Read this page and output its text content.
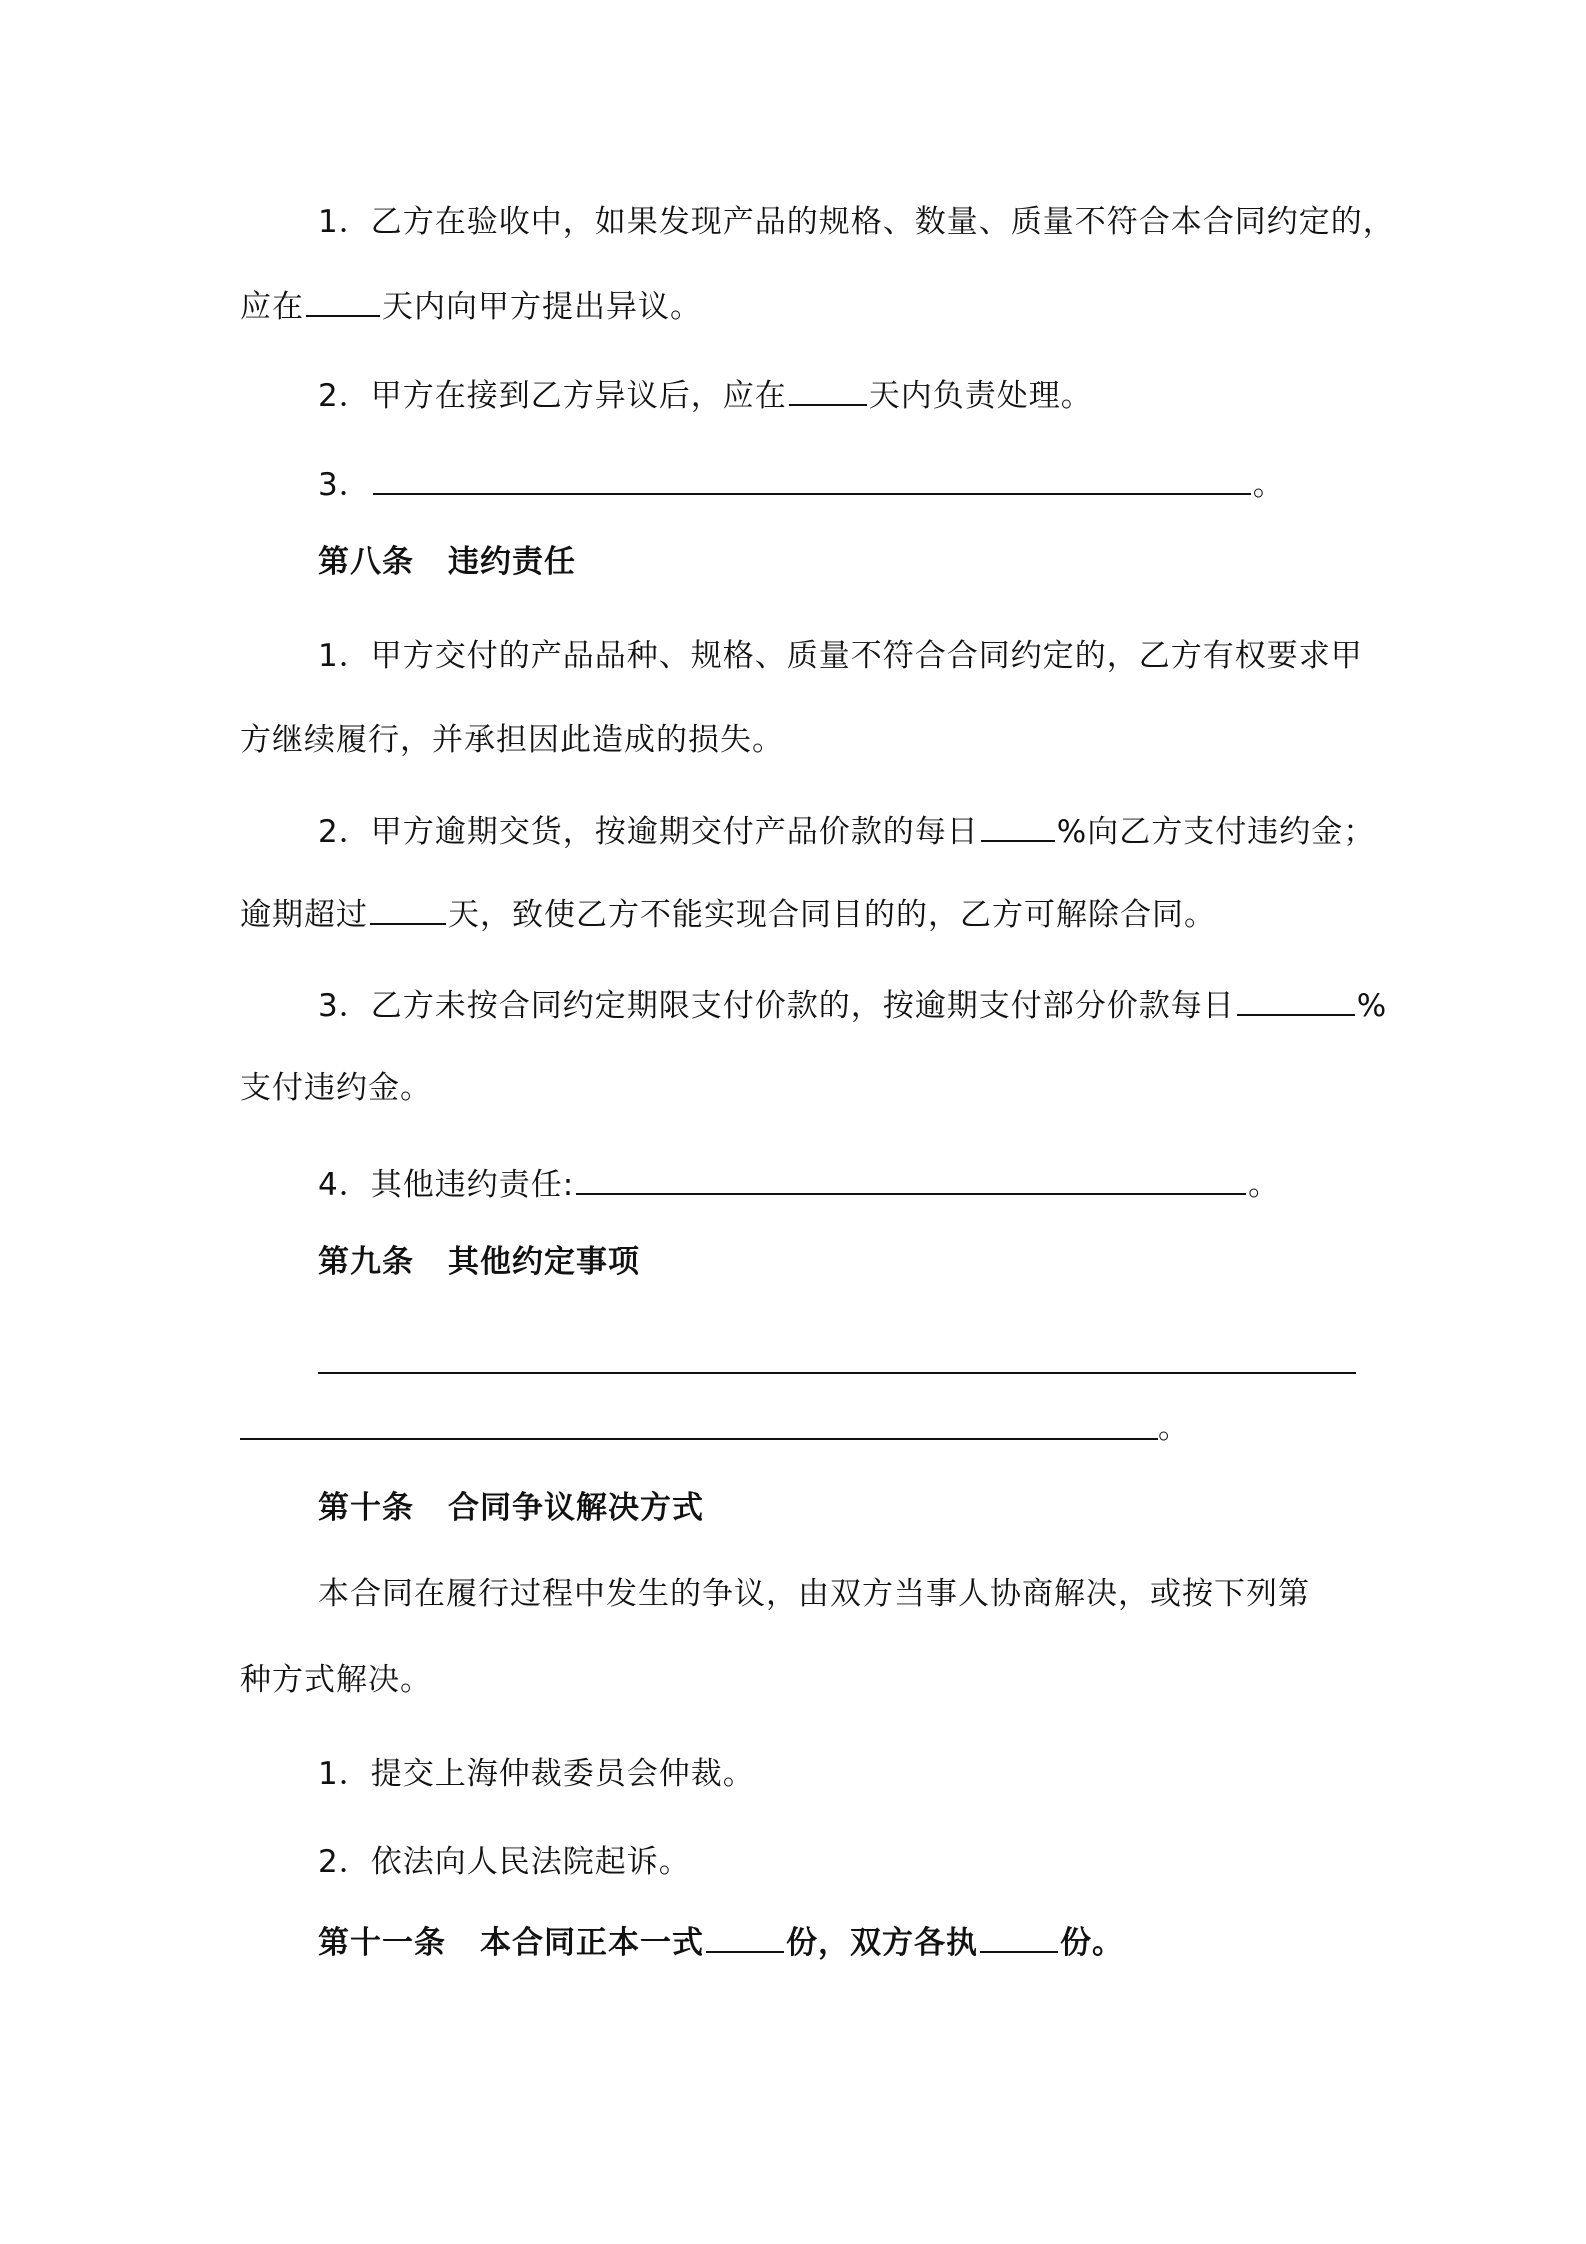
1．乙方在验收中，如果发现产品的规格、数量、质量不符合本合同约定的，
应在	天内向甲方提出异议。
2．甲方在接到乙方异议后，应在	天内负责处理。
3．	。
第八条 违约责任
1．甲方交付的产品品种、规格、质量不符合合同约定的，乙方有权要求甲
方继续履行，并承担因此造成的损失。
2．甲方逾期交货，按逾期交付产品价款的每日	%向乙方支付违约金；
逾期超过	天，致使乙方不能实现合同目的的，乙方可解除合同。
3．乙方未按合同约定期限支付价款的，按逾期支付部分价款每日	%
支付违约金。
4．其他违约责任:	。
第九条 其他约定事项
。
第十条 合同争议解决方式
本合同在履行过程中发生的争议，由双方当事人协商解决，或按下列第
种方式解决。
1．提交上海仲裁委员会仲裁。
2．依法向人民法院起诉。
第十一条 本合同正本一式	份，双方各执	份。
